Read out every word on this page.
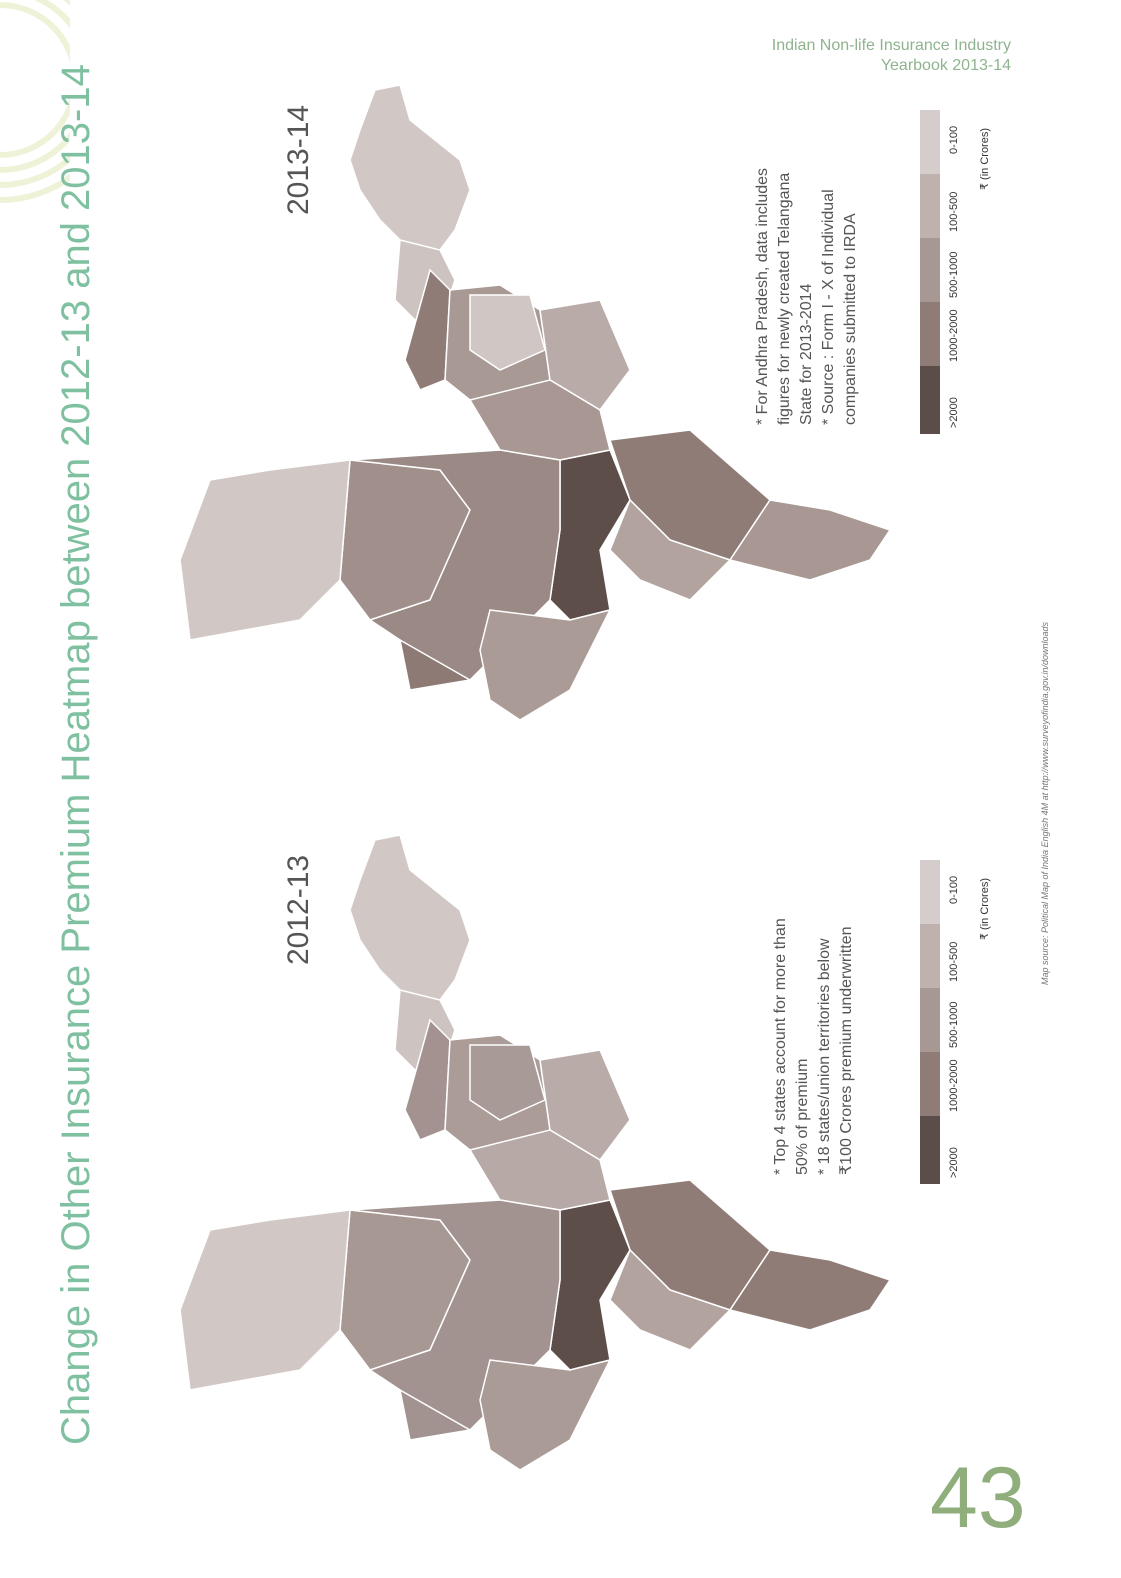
Indian Non-life Insurance Industry
Yearbook 2013-14
Change in Other Insurance Premium Heatmap between 2012-13 and 2013-14	2013-14
* For Andhra Pradesh, data includes figures for newly created Telangana State for 2013-2014 * Source : Form I - X of Individual companies submitted to IRDA	>2000
1000-2000
500-1000
100-500
0-100 ₹ (in Crores)
2012-13
* Top 4 states account for more than 50% of premium * 18 states/union territories below ₹100 Crores premium underwritten	>2000
1000-2000
500-1000
100-500
0-100 ₹ (in Crores)	Map source: Political Map of India English 4M at http://www.surveyofindia.gov.in/downloads
43
